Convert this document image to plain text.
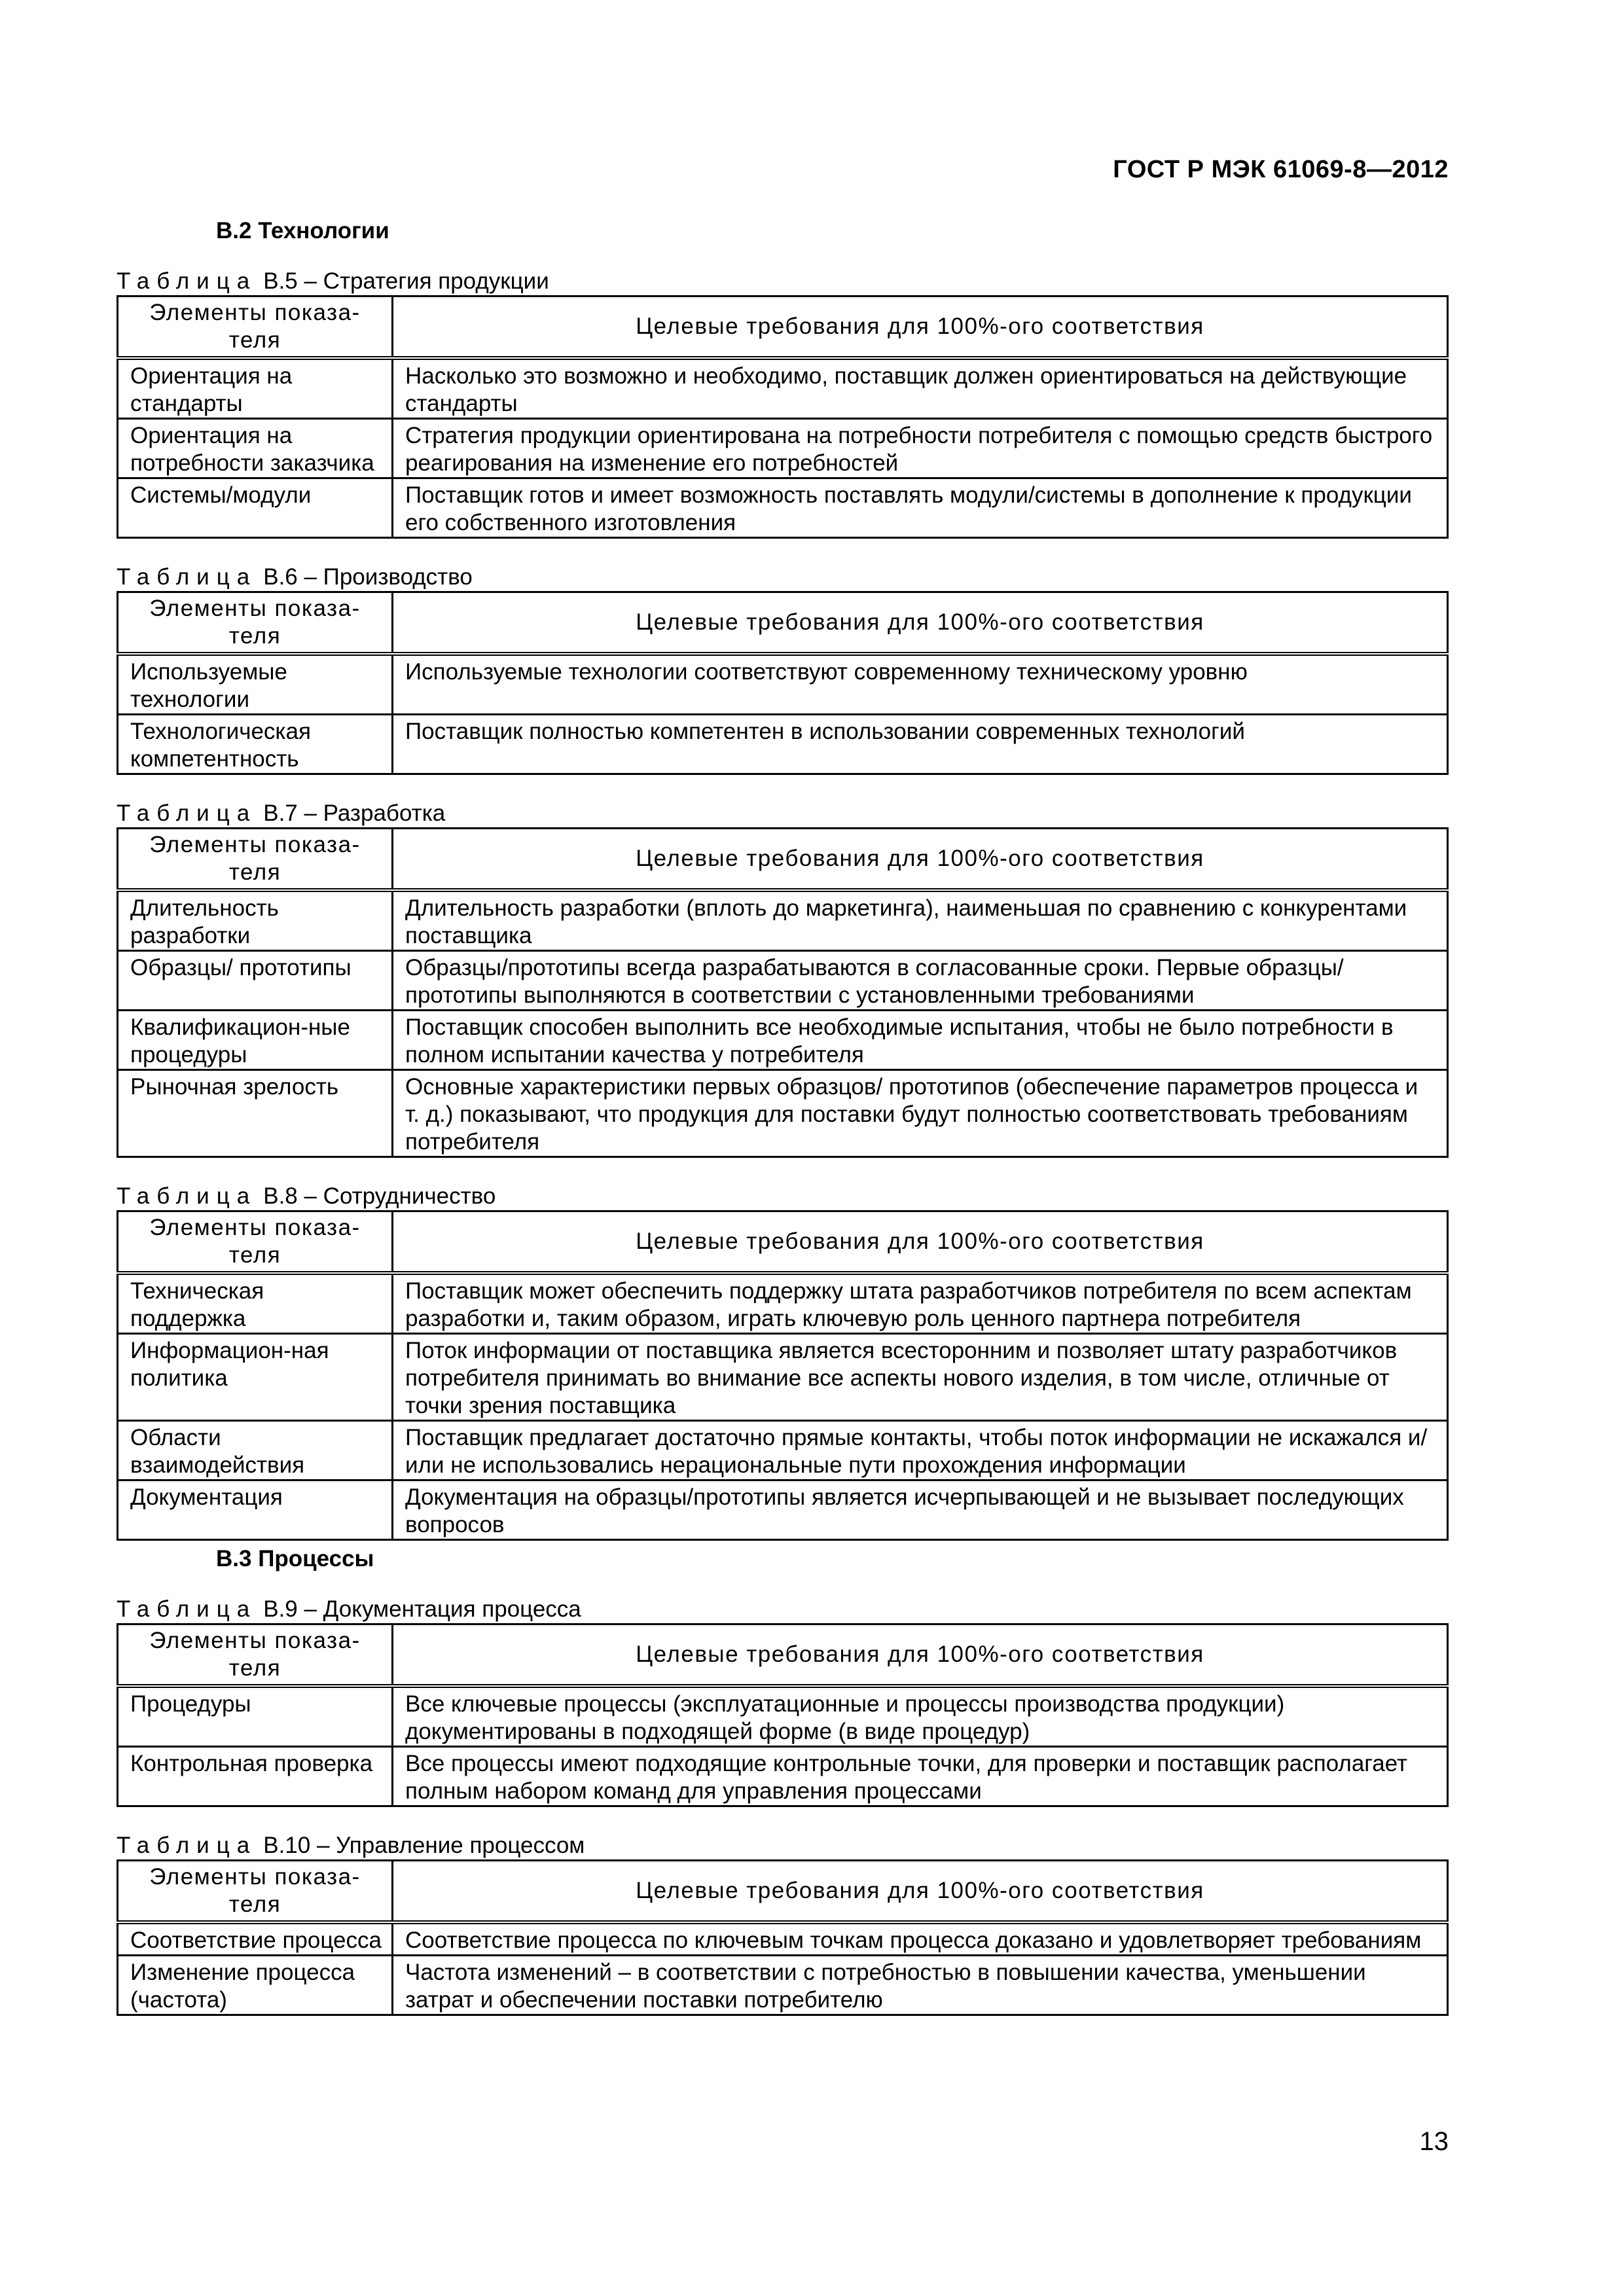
ГОСТ Р МЭК 61069-8—2012
В.2 Технологии
Таблица В.5 – Стратегия продукции
Элементы показа-теля	Целевые требования для 100%-ого соответствия
Ориентация на стандарты	Насколько это возможно и необходимо, поставщик должен ориентироваться на действующие стандарты
Ориентация на потребности заказчика	Стратегия продукции ориентирована на потребности потребителя с помощью средств быстрого реагирования на изменение его потребностей
Системы/модули	Поставщик готов и имеет возможность поставлять модули/системы в дополнение к продукции его собственного изготовления
Таблица В.6 – Производство
Элементы показа-теля	Целевые требования для 100%-ого соответствия
Используемые технологии	Используемые технологии соответствуют современному техническому уровню
Технологическая компетентность	Поставщик полностью компетентен в использовании современных технологий
Таблица В.7 – Разработка
Элементы показа-теля	Целевые требования для 100%-ого соответствия
Длительность разработки	Длительность разработки (вплоть до маркетинга), наименьшая по сравнению с конкурентами поставщика
Образцы/ прототипы	Образцы/прототипы всегда разрабатываются в согласованные сроки. Первые образцы/ прототипы выполняются в соответствии с установленными требованиями
Квалификацион-ные процедуры	Поставщик способен выполнить все необходимые испытания, чтобы не было потребности в полном испытании качества у потребителя
Рыночная зрелость	Основные характеристики первых образцов/ прототипов (обеспечение параметров процесса и т. д.) показывают, что продукция для поставки будут полностью соответствовать требованиям потребителя
Таблица В.8 – Сотрудничество
Элементы показа-теля	Целевые требования для 100%-ого соответствия
Техническая поддержка	Поставщик может обеспечить поддержку штата разработчиков потребителя по всем аспектам разработки и, таким образом, играть ключевую роль ценного партнера потребителя
Информацион-ная политика	Поток информации от поставщика является всесторонним и позволяет штату разработчиков потребителя принимать во внимание все аспекты нового изделия, в том числе, отличные от точки зрения поставщика
Области взаимодействия	Поставщик предлагает достаточно прямые контакты, чтобы поток информации не искажался и/или не использовались нерациональные пути прохождения информации
Документация	Документация на образцы/прототипы является исчерпывающей и не вызывает последующих вопросов
В.3 Процессы
Таблица В.9 – Документация процесса
Элементы показа-теля	Целевые требования для 100%-ого соответствия
Процедуры	Все ключевые процессы (эксплуатационные и процессы производства продукции) документированы в подходящей форме (в виде процедур)
Контрольная проверка	Все процессы имеют подходящие контрольные точки, для проверки и поставщик располагает полным набором команд для управления процессами
Таблица В.10 – Управление процессом
Элементы показа-теля	Целевые требования для 100%-ого соответствия
Соответствие процесса	Соответствие процесса по ключевым точкам процесса доказано и удовлетворяет требованиям
Изменение процесса (частота)	Частота изменений – в соответствии с потребностью в повышении качества, уменьшении затрат и обеспечении поставки потребителю
13
